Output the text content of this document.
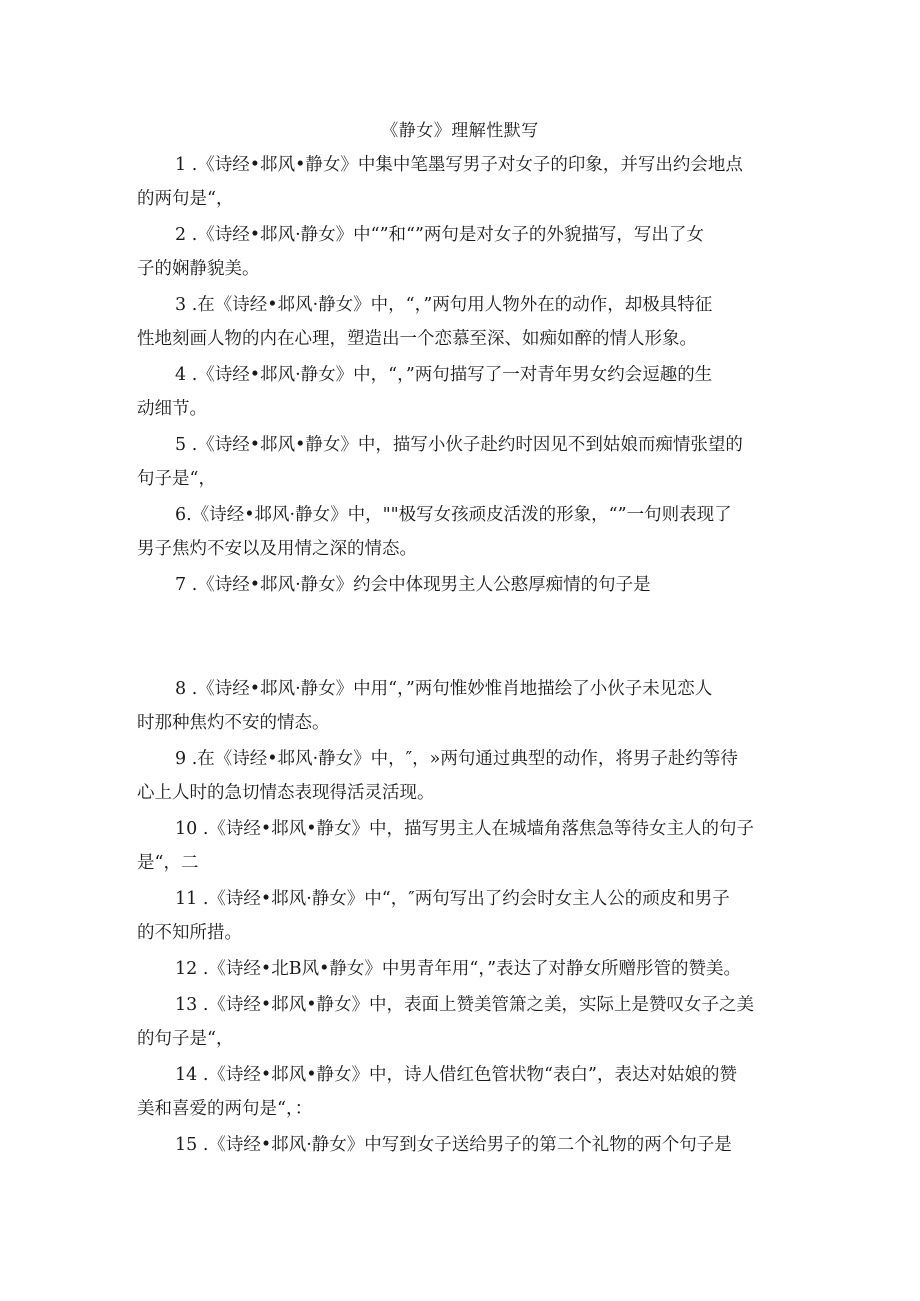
《静女》理解性默写
1 .《诗经•邶风•静女》中集中笔墨写男子对女子的印象，并写出约会地点
的两句是“，
2 .《诗经•邶风·静女》中“”和“”两句是对女子的外貌描写，写出了女
子的娴静貌美。
3 .在《诗经•邶风·静女》中，“，”两句用人物外在的动作，却极具特征
性地刻画人物的内在心理，塑造出一个恋慕至深、如痴如醉的情人形象。
4 .《诗经•邶风·静女》中，“，”两句描写了一对青年男女约会逗趣的生
动细节。
5 .《诗经•邶风•静女》中，描写小伙子赴约时因见不到姑娘而痴情张望的
句子是“，
6.《诗经•邶风·静女》中，""极写女孩顽皮活泼的形象，“”一句则表现了
男子焦灼不安以及用情之深的情态。
7 .《诗经•邶风·静女》约会中体现男主人公憨厚痴情的句子是

8 .《诗经•邶风·静女》中用“，”两句惟妙惟肖地描绘了小伙子未见恋人
时那种焦灼不安的情态。
9 .在《诗经•邶风·静女》中，″，»两句通过典型的动作，将男子赴约等待
心上人时的急切情态表现得活灵活现。
10 .《诗经•邶风•静女》中，描写男主人在城墙角落焦急等待女主人的句子
是“，二
11 .《诗经•邶风·静女》中“，″两句写出了约会时女主人公的顽皮和男子
的不知所措。
12 .《诗经•北B风•静女》中男青年用“，”表达了对静女所赠彤管的赞美。
13 .《诗经•邶风•静女》中，表面上赞美管箫之美，实际上是赞叹女子之美
的句子是“，
14 .《诗经•邶风•静女》中，诗人借红色管状物“表白”，表达对姑娘的赞
美和喜爱的两句是“，：
15 .《诗经•邶风·静女》中写到女子送给男子的第二个礼物的两个句子是
